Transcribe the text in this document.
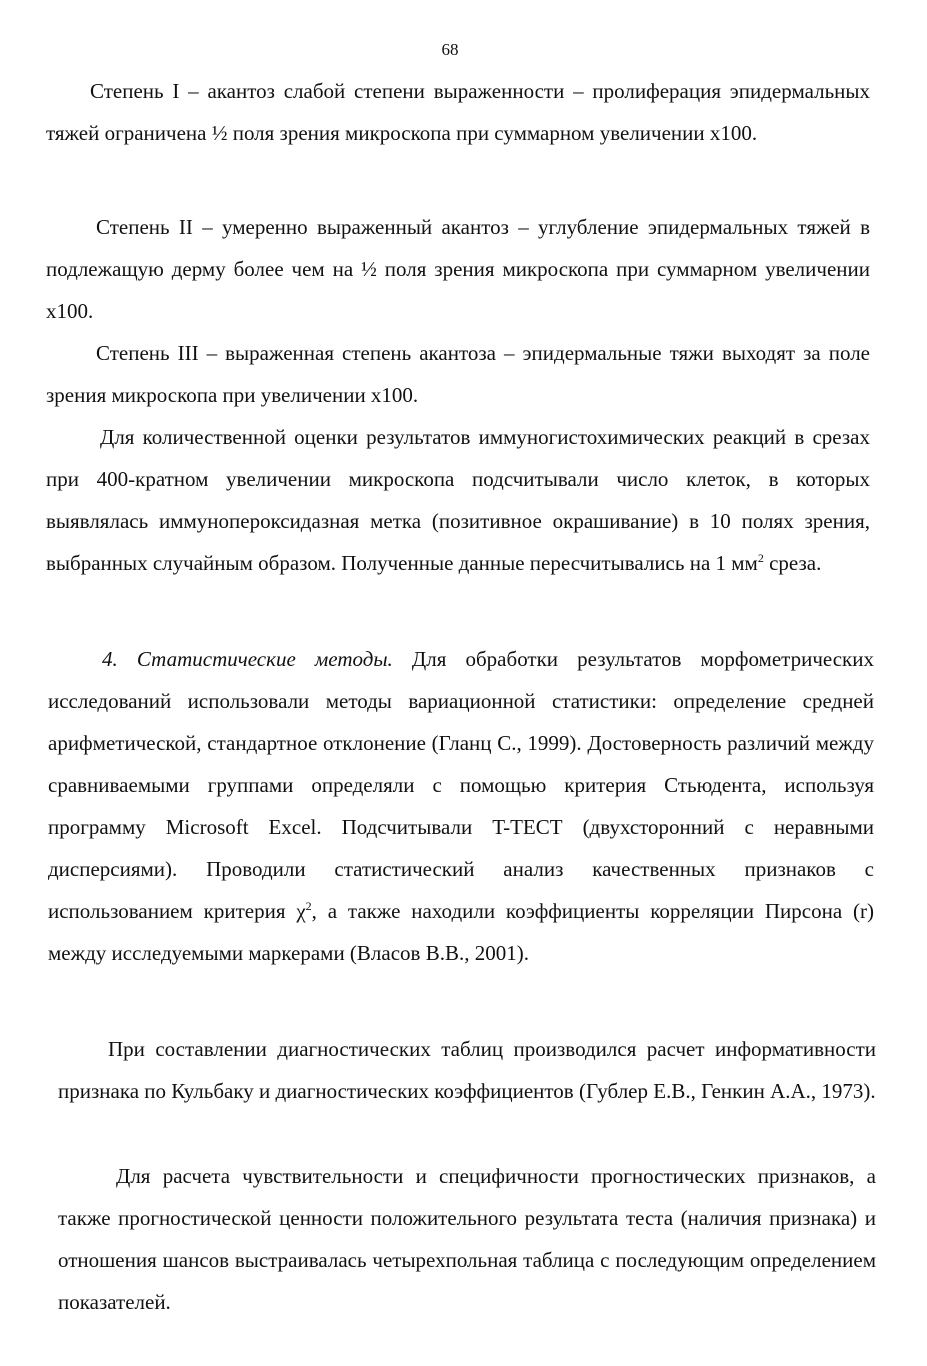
68
Степень I – акантоз слабой степени выраженности – пролиферация эпидермальных тяжей ограничена ½ поля зрения микроскопа при суммарном увеличении х100.
Степень II – умеренно выраженный акантоз – углубление эпидермальных тяжей в подлежащую дерму более чем на ½ поля зрения микроскопа при суммарном увеличении х100.
Степень III – выраженная степень акантоза – эпидермальные тяжи выходят за поле зрения микроскопа при увеличении х100.
Для количественной оценки результатов иммуногистохимических реакций в срезах при 400-кратном увеличении микроскопа подсчитывали число клеток, в которых выявлялась иммунопероксидазная метка (позитивное окрашивание) в 10 полях зрения, выбранных случайным образом. Полученные данные пересчитывались на 1 $мм^2$ среза.
4. Статистические методы. Для обработки результатов морфометрических исследований использовали методы вариационной статистики: определение средней арифметической, стандартное отклонение (Гланц С., 1999). Достоверность различий между сравниваемыми группами определяли с помощью критерия Стьюдента, используя программу Microsoft Excel. Подсчитывали T-TEСТ (двухсторонний с неравными дисперсиями). Проводили статистический анализ качественных признаков с использованием критерия $\chi^2$, а также находили коэффициенты корреляции Пирсона (r) между исследуемыми маркерами (Власов В.В., 2001).
При составлении диагностических таблиц производился расчет информативности признака по Кульбаку и диагностических коэффициентов (Гублер Е.В., Генкин А.А., 1973).
Для расчета чувствительности и специфичности прогностических признаков, а также прогностической ценности положительного результата теста (наличия признака) и отношения шансов выстраивалась четырехпольная таблица с последующим определением показателей.
